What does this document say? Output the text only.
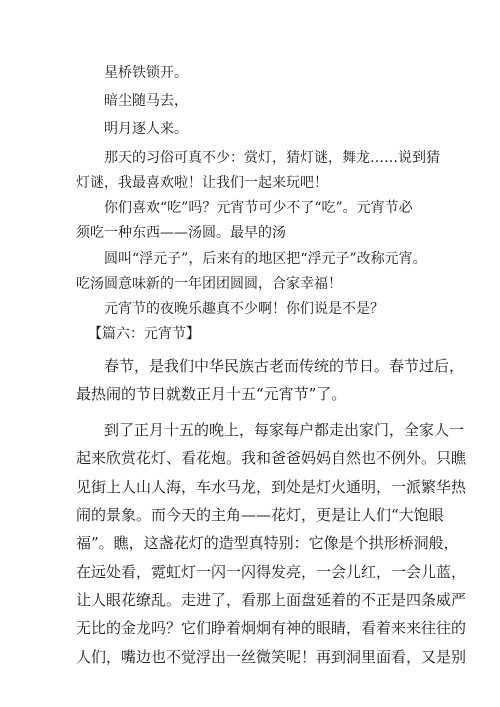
星桥铁锁开。
暗尘随马去，
明月逐人来。
那天的习俗可真不少：赏灯，猜灯谜，舞龙……说到猜
灯谜，我最喜欢啦！让我们一起来玩吧！
你们喜欢“吃”吗？元宵节可少不了“吃”。元宵节必
须吃一种东西——汤圆。最早的汤
圆叫“浮元子”，后来有的地区把“浮元子”改称元宵。
吃汤圆意味新的一年团团圆圆，合家幸福！
元宵节的夜晚乐趣真不少啊！你们说是不是？
【篇六：元宵节】
春节，是我们中华民族古老而传统的节日。春节过后，
最热闹的节日就数正月十五“元宵节”了。
到了正月十五的晚上，每家每户都走出家门，全家人一
起来欣赏花灯、看花炮。我和爸爸妈妈自然也不例外。只瞧
见街上人山人海，车水马龙，到处是灯火通明，一派繁华热
闹的景象。而今天的主角——花灯，更是让人们“大饱眼
福”。瞧，这盏花灯的造型真特别：它像是个拱形桥洞般，
在远处看，霓虹灯一闪一闪得发亮，一会儿红，一会儿蓝，
让人眼花缭乱。走进了，看那上面盘延着的不正是四条威严
无比的金龙吗？它们睁着炯炯有神的眼睛，看着来来往往的
人们，嘴边也不觉浮出一丝微笑呢！再到洞里面看，又是别
